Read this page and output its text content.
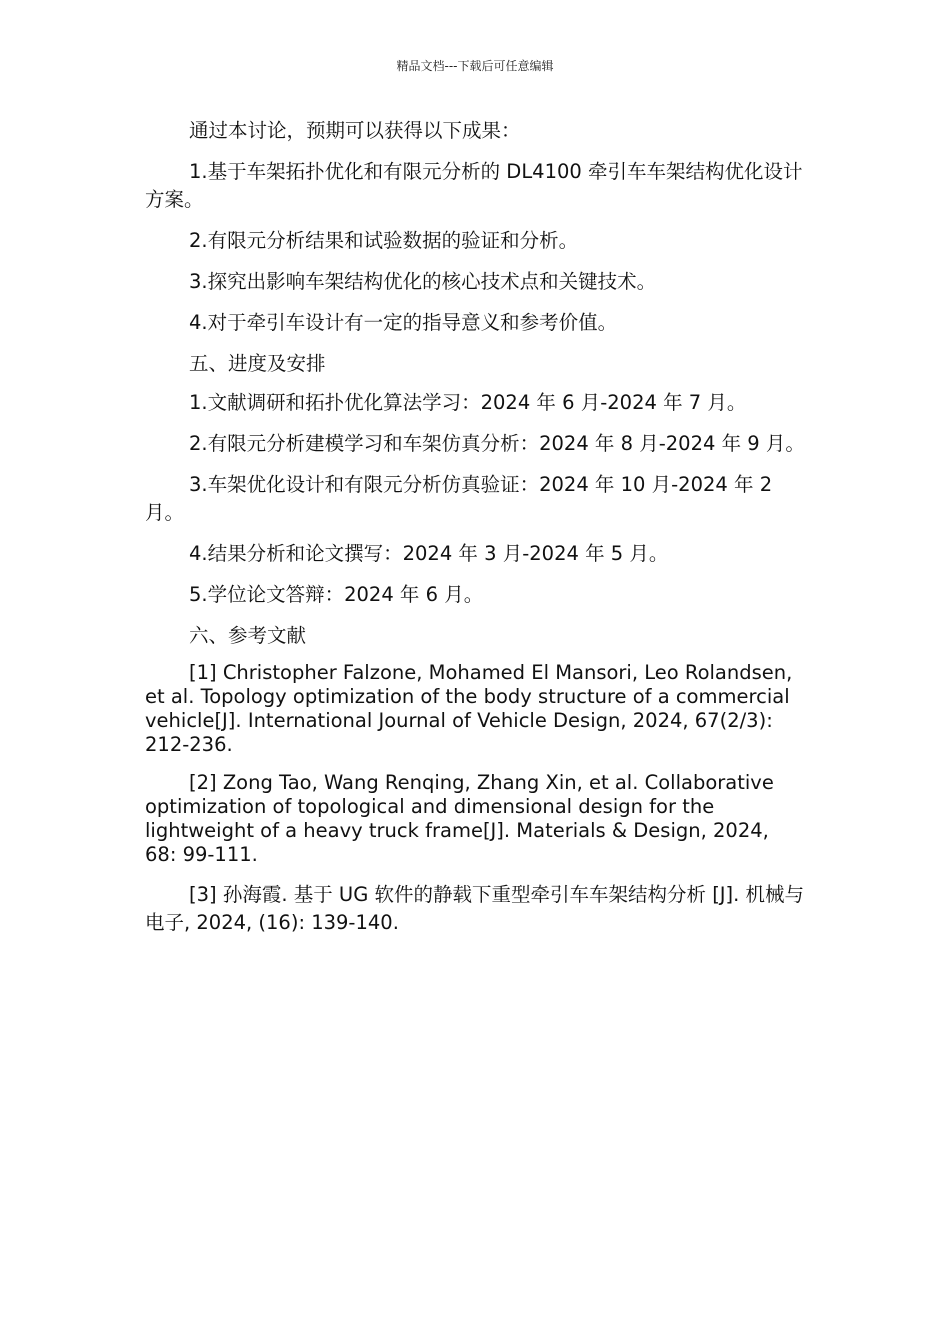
精品文档---下载后可任意编辑

通过本讨论，预期可以获得以下成果：

1.基于车架拓扑优化和有限元分析的 DL4100 牵引车车架结构优化设计方案。

2.有限元分析结果和试验数据的验证和分析。

3.探究出影响车架结构优化的核心技术点和关键技术。

4.对于牵引车设计有一定的指导意义和参考价值。

五、进度及安排

1.文献调研和拓扑优化算法学习：2024 年 6 月-2024 年 7 月。

2.有限元分析建模学习和车架仿真分析：2024 年 8 月-2024 年 9 月。

3.车架优化设计和有限元分析仿真验证：2024 年 10 月-2024 年 2 月。

4.结果分析和论文撰写：2024 年 3 月-2024 年 5 月。

5.学位论文答辩：2024 年 6 月。

六、参考文献

[1] Christopher Falzone, Mohamed El Mansori, Leo Rolandsen, et al. Topology optimization of the body structure of a commercial vehicle[J]. International Journal of Vehicle Design, 2024, 67(2/3): 212-236.

[2] Zong Tao, Wang Renqing, Zhang Xin, et al. Collaborative optimization of topological and dimensional design for the lightweight of a heavy truck frame[J]. Materials & Design, 2024, 68: 99-111.

[3] 孙海霞. 基于 UG 软件的静载下重型牵引车车架结构分析 [J]. 机械与电子, 2024, (16): 139-140.
